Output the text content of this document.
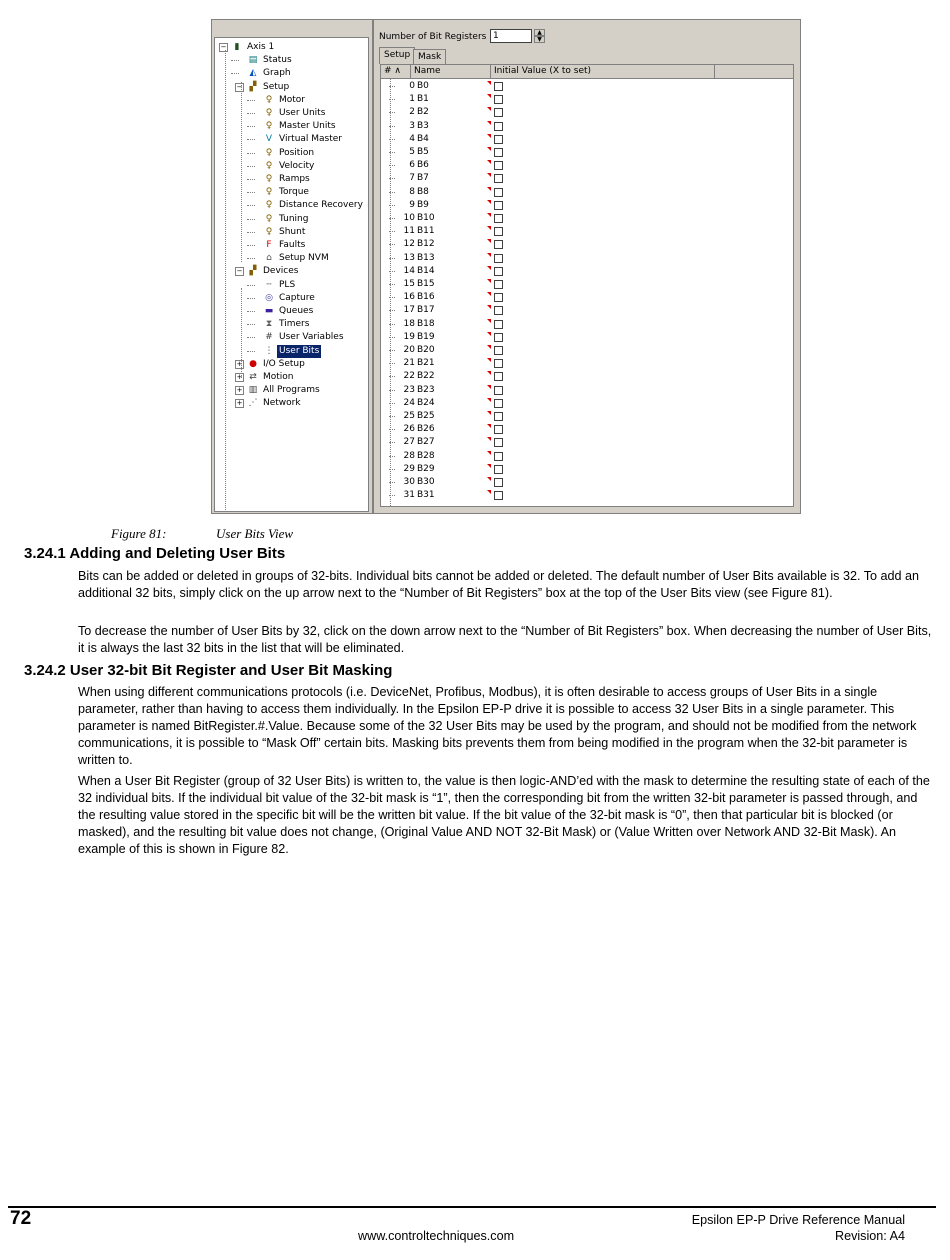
− ▮ Axis 1
▤ Status
◭ Graph
− ▞ Setup
♀ Motor
♀ User Units
♀ Master Units
V Virtual Master
♀ Position
♀ Velocity
♀ Ramps
♀ Torque
♀ Distance Recovery
♀ Tuning
♀ Shunt
F Faults
⌂ Setup NVM
− ▞ Devices
┄ PLS
◎ Capture
▬ Queues
⧗ Timers
# User Variables
⋮ User Bits
+ ● I/O Setup
+ ⇄ Motion
+ ▥ All Programs
+ ⋰ Network
Number of Bit Registers 1	▲
▼
Setup Mask
# ∧	Name	Initial Value (X to set)
0 B0
1 B1
2 B2
3 B3
4 B4
5 B5
6 B6
7 B7
8 B8
9 B9
10 B10
11 B11
12 B12
13 B13
14 B14
15 B15
16 B16
17 B17
18 B18
19 B19
20 B20
21 B21
22 B22
23 B23
24 B24
25 B25
26 B26
27 B27
28 B28
29 B29
30 B30
31 B31
Figure 81:	User Bits View
3.24.1 Adding and Deleting User Bits
Bits can be added or deleted in groups of 32-bits. Individual bits cannot be added or deleted. The default number of User Bits available is 32. To add an additional 32 bits, simply click on the up arrow next to the “Number of Bit Registers” box at the top of the User Bits view (see Figure 81).
To decrease the number of User Bits by 32, click on the down arrow next to the “Number of Bit Registers” box. When decreasing the number of User Bits, it is always the last 32 bits in the list that will be eliminated.
3.24.2 User 32-bit Bit Register and User Bit Masking
When using different communications protocols (i.e. DeviceNet, Profibus, Modbus), it is often desirable to access groups of User Bits in a single parameter, rather than having to access them individually. In the Epsilon EP-P drive it is possible to access 32 User Bits in a single parameter. This parameter is named BitRegister.#.Value. Because some of the 32 User Bits may be used by the program, and should not be modified from the network communications, it is possible to “Mask Off” certain bits. Masking bits prevents them from being modified in the program when the 32-bit parameter is written to.
When a User Bit Register (group of 32 User Bits) is written to, the value is then logic-AND’ed with the mask to determine the resulting state of each of the 32 individual bits. If the individual bit value of the 32-bit mask is “1”, then the corresponding bit from the written 32-bit parameter is passed through, and the resulting value stored in the specific bit will be the written bit value. If the bit value of the 32-bit mask is “0”, then that particular bit is blocked (or masked), and the resulting bit value does not change, (Original Value AND NOT 32-Bit Mask) or (Value Written over Network AND 32-Bit Mask). An example of this is shown in Figure 82.
72
www.controltechniques.com
Epsilon EP-P Drive Reference Manual
Revision: A4
